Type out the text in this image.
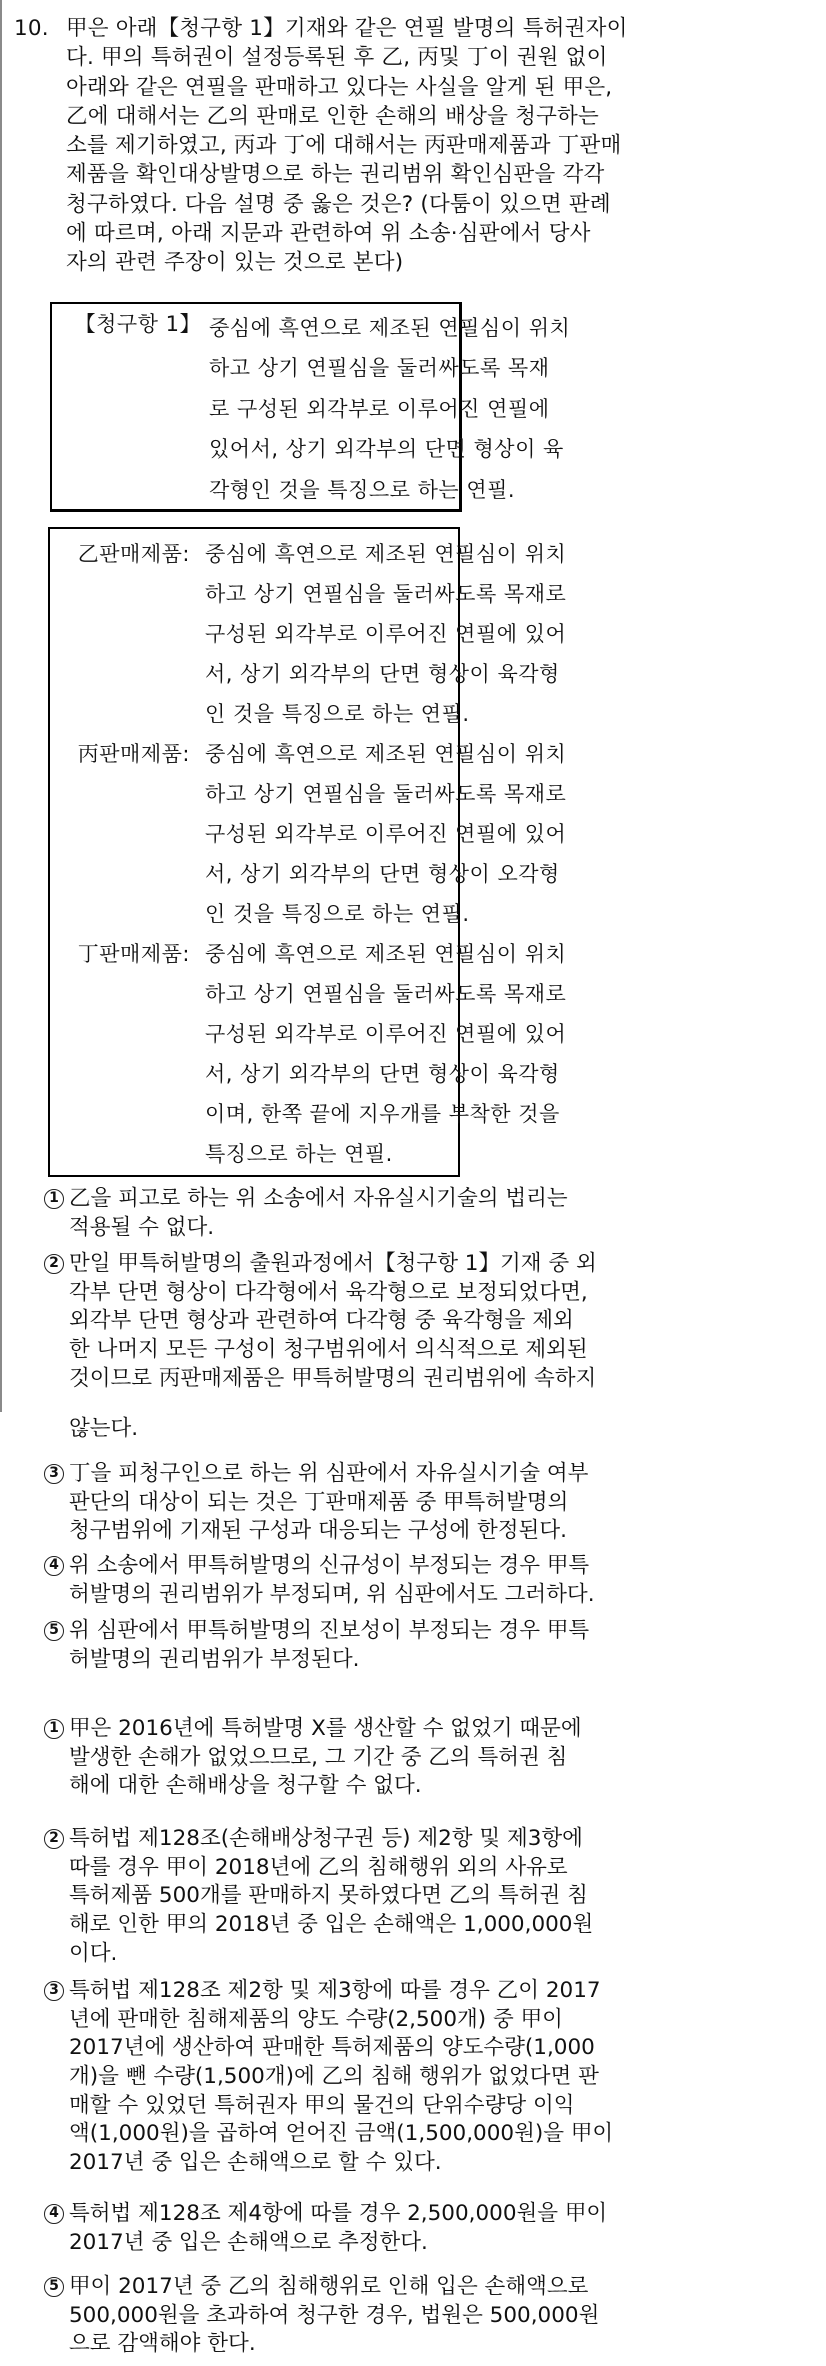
10. 甲은 아래【청구항 1】기재와 같은 연필 발명의 특허권자이
다. 甲의 특허권이 설정등록된 후 乙, 丙및 丁이 권원 없이
아래와 같은 연필을 판매하고 있다는 사실을 알게 된 甲은,
乙에 대해서는 乙의 판매로 인한 손해의 배상을 청구하는
소를 제기하였고, 丙과 丁에 대해서는 丙판매제품과 丁판매
제품을 확인대상발명으로 하는 권리범위 확인심판을 각각
청구하였다. 다음 설명 중 옳은 것은? (다툼이 있으면 판례
에 따르며, 아래 지문과 관련하여 위 소송·심판에서 당사
자의 관련 주장이 있는 것으로 본다)
【청구항 1】 중심에 흑연으로 제조된 연필심이 위치
하고 상기 연필심을 둘러싸도록 목재
로 구성된 외각부로 이루어진 연필에
있어서, 상기 외각부의 단면 형상이 육
각형인 것을 특징으로 하는 연필.
乙판매제품: 중심에 흑연으로 제조된 연필심이 위치
하고 상기 연필심을 둘러싸도록 목재로
구성된 외각부로 이루어진 연필에 있어
서, 상기 외각부의 단면 형상이 육각형
인 것을 특징으로 하는 연필.
丙판매제품: 중심에 흑연으로 제조된 연필심이 위치
하고 상기 연필심을 둘러싸도록 목재로
구성된 외각부로 이루어진 연필에 있어
서, 상기 외각부의 단면 형상이 오각형
인 것을 특징으로 하는 연필.
丁판매제품: 중심에 흑연으로 제조된 연필심이 위치
하고 상기 연필심을 둘러싸도록 목재로
구성된 외각부로 이루어진 연필에 있어
서, 상기 외각부의 단면 형상이 육각형
이며, 한쪽 끝에 지우개를 부착한 것을
특징으로 하는 연필.
1 乙을 피고로 하는 위 소송에서 자유실시기술의 법리는
적용될 수 없다.
2 만일 甲특허발명의 출원과정에서【청구항 1】기재 중 외
각부 단면 형상이 다각형에서 육각형으로 보정되었다면,
외각부 단면 형상과 관련하여 다각형 중 육각형을 제외
한 나머지 모든 구성이 청구범위에서 의식적으로 제외된
것이므로 丙판매제품은 甲특허발명의 권리범위에 속하지
않는다.
3 丁을 피청구인으로 하는 위 심판에서 자유실시기술 여부
판단의 대상이 되는 것은 丁판매제품 중 甲특허발명의
청구범위에 기재된 구성과 대응되는 구성에 한정된다.
4 위 소송에서 甲특허발명의 신규성이 부정되는 경우 甲특
허발명의 권리범위가 부정되며, 위 심판에서도 그러하다.
5 위 심판에서 甲특허발명의 진보성이 부정되는 경우 甲특
허발명의 권리범위가 부정된다.
1 甲은 2016년에 특허발명 X를 생산할 수 없었기 때문에
발생한 손해가 없었으므로, 그 기간 중 乙의 특허권 침
해에 대한 손해배상을 청구할 수 없다.
2 특허법 제128조(손해배상청구권 등) 제2항 및 제3항에
따를 경우 甲이 2018년에 乙의 침해행위 외의 사유로
특허제품 500개를 판매하지 못하였다면 乙의 특허권 침
해로 인한 甲의 2018년 중 입은 손해액은 1,000,000원
이다.
3 특허법 제128조 제2항 및 제3항에 따를 경우 乙이 2017
년에 판매한 침해제품의 양도 수량(2,500개) 중 甲이
2017년에 생산하여 판매한 특허제품의 양도수량(1,000
개)을 뺀 수량(1,500개)에 乙의 침해 행위가 없었다면 판
매할 수 있었던 특허권자 甲의 물건의 단위수량당 이익
액(1,000원)을 곱하여 얻어진 금액(1,500,000원)을 甲이
2017년 중 입은 손해액으로 할 수 있다.
4 특허법 제128조 제4항에 따를 경우 2,500,000원을 甲이
2017년 중 입은 손해액으로 추정한다.
5 甲이 2017년 중 乙의 침해행위로 인해 입은 손해액으로
500,000원을 초과하여 청구한 경우, 법원은 500,000원
으로 감액해야 한다.
